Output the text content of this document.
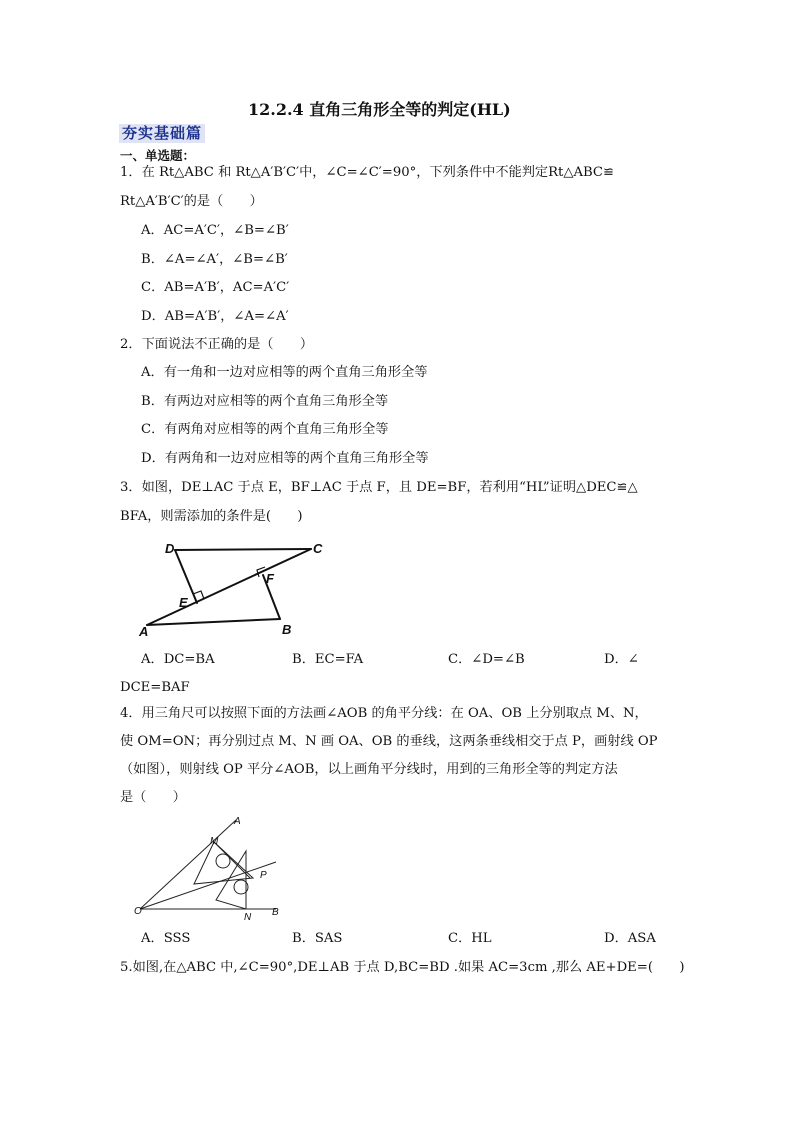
12.2.4 直角三角形全等的判定(HL)
夯实基础篇
一、单选题：
1．在 Rt△ABC 和 Rt△A′B′C′中，∠C=∠C′=90°，下列条件中不能判定Rt△ABC≌
Rt△A′B′C′的是（　　）
A．AC=A′C′，∠B=∠B′
B．∠A=∠A′，∠B=∠B′
C．AB=A′B′，AC=A′C′
D．AB=A′B′，∠A=∠A′
2．下面说法不正确的是（　　）
A．有一角和一边对应相等的两个直角三角形全等
B．有两边对应相等的两个直角三角形全等
C．有两角对应相等的两个直角三角形全等
D．有两角和一边对应相等的两个直角三角形全等
3．如图，DE⊥AC 于点 E，BF⊥AC 于点 F，且 DE=BF，若利用“HL”证明△DEC≌△
BFA，则需添加的条件是(　　)
D	C
F
E
A	B
A．DC=BA	B．EC=FA	C．∠D=∠B	D．∠
DCE=BAF
4．用三角尺可以按照下面的方法画∠AOB 的角平分线：在 OA、OB 上分别取点 M、N，
使 OM=ON；再分别过点 M、N 画 OA、OB 的垂线，这两条垂线相交于点 P，画射线 OP
（如图），则射线 OP 平分∠AOB，以上画角平分线时，用到的三角形全等的判定方法
是（　　）
A
M
P
O
N B
A．SSS	B．SAS	C．HL	D．ASA
5.如图,在△ABC 中,∠C=90°,DE⊥AB 于点 D,BC=BD .如果 AC=3cm ,那么 AE+DE=(　　)
